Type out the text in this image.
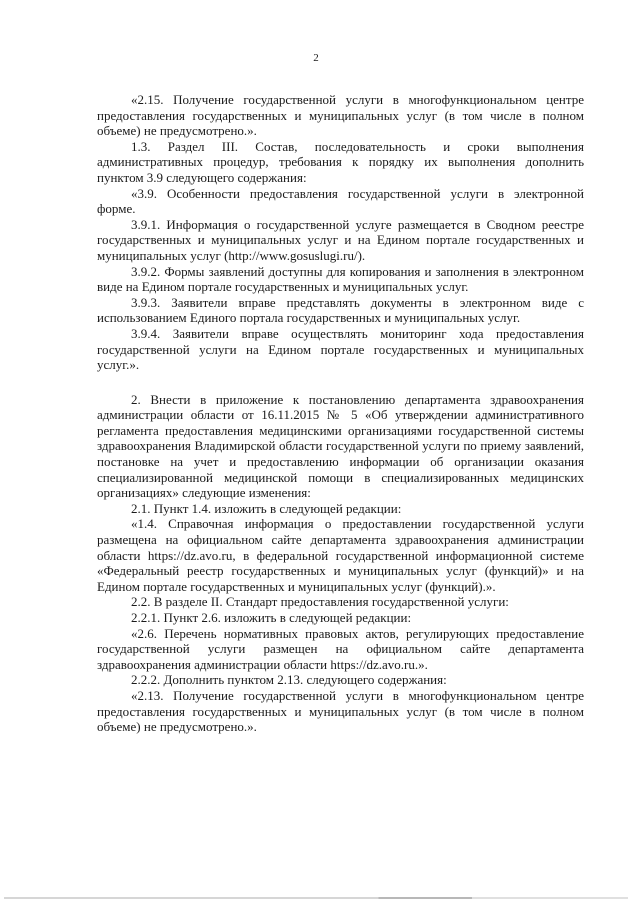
2

«2.15. Получение государственной услуги в многофункциональном центре предоставления государственных и муниципальных услуг (в том числе в полном объеме) не предусмотрено.».

1.3. Раздел III. Состав, последовательность и сроки выполнения административных процедур, требования к порядку их выполнения дополнить пунктом 3.9 следующего содержания:

«3.9. Особенности предоставления государственной услуги в электронной форме.

3.9.1. Информация о государственной услуге размещается в Сводном реестре государственных и муниципальных услуг и на Едином портале государственных и муниципальных услуг (http://www.gosuslugi.ru/).

3.9.2. Формы заявлений доступны для копирования и заполнения в электронном виде на Едином портале государственных и муниципальных услуг.

3.9.3. Заявители вправе представлять документы в электронном виде с использованием Единого портала государственных и муниципальных услуг.

3.9.4. Заявители вправе осуществлять мониторинг хода предоставления государственной услуги на Едином портале государственных и муниципальных услуг.».

2. Внести в приложение к постановлению департамента здравоохранения администрации области от 16.11.2015 № 5 «Об утверждении административного регламента предоставления медицинскими организациями государственной системы здравоохранения Владимирской области государственной услуги по приему заявлений, постановке на учет и предоставлению информации об организации оказания специализированной медицинской помощи в специализированных медицинских организациях» следующие изменения:

2.1. Пункт 1.4. изложить в следующей редакции:

«1.4. Справочная информация о предоставлении государственной услуги размещена на официальном сайте департамента здравоохранения администрации области https://dz.avo.ru, в федеральной государственной информационной системе «Федеральный реестр государственных и муниципальных услуг (функций)» и на Едином портале государственных и муниципальных услуг (функций).».

2.2. В разделе II. Стандарт предоставления государственной услуги:

2.2.1. Пункт 2.6. изложить в следующей редакции:

«2.6. Перечень нормативных правовых актов, регулирующих предоставление государственной услуги размещен на официальном сайте департамента здравоохранения администрации области https://dz.avo.ru.».

2.2.2. Дополнить пунктом 2.13. следующего содержания:

«2.13. Получение государственной услуги в многофункциональном центре предоставления государственных и муниципальных услуг (в том числе в полном объеме) не предусмотрено.».
